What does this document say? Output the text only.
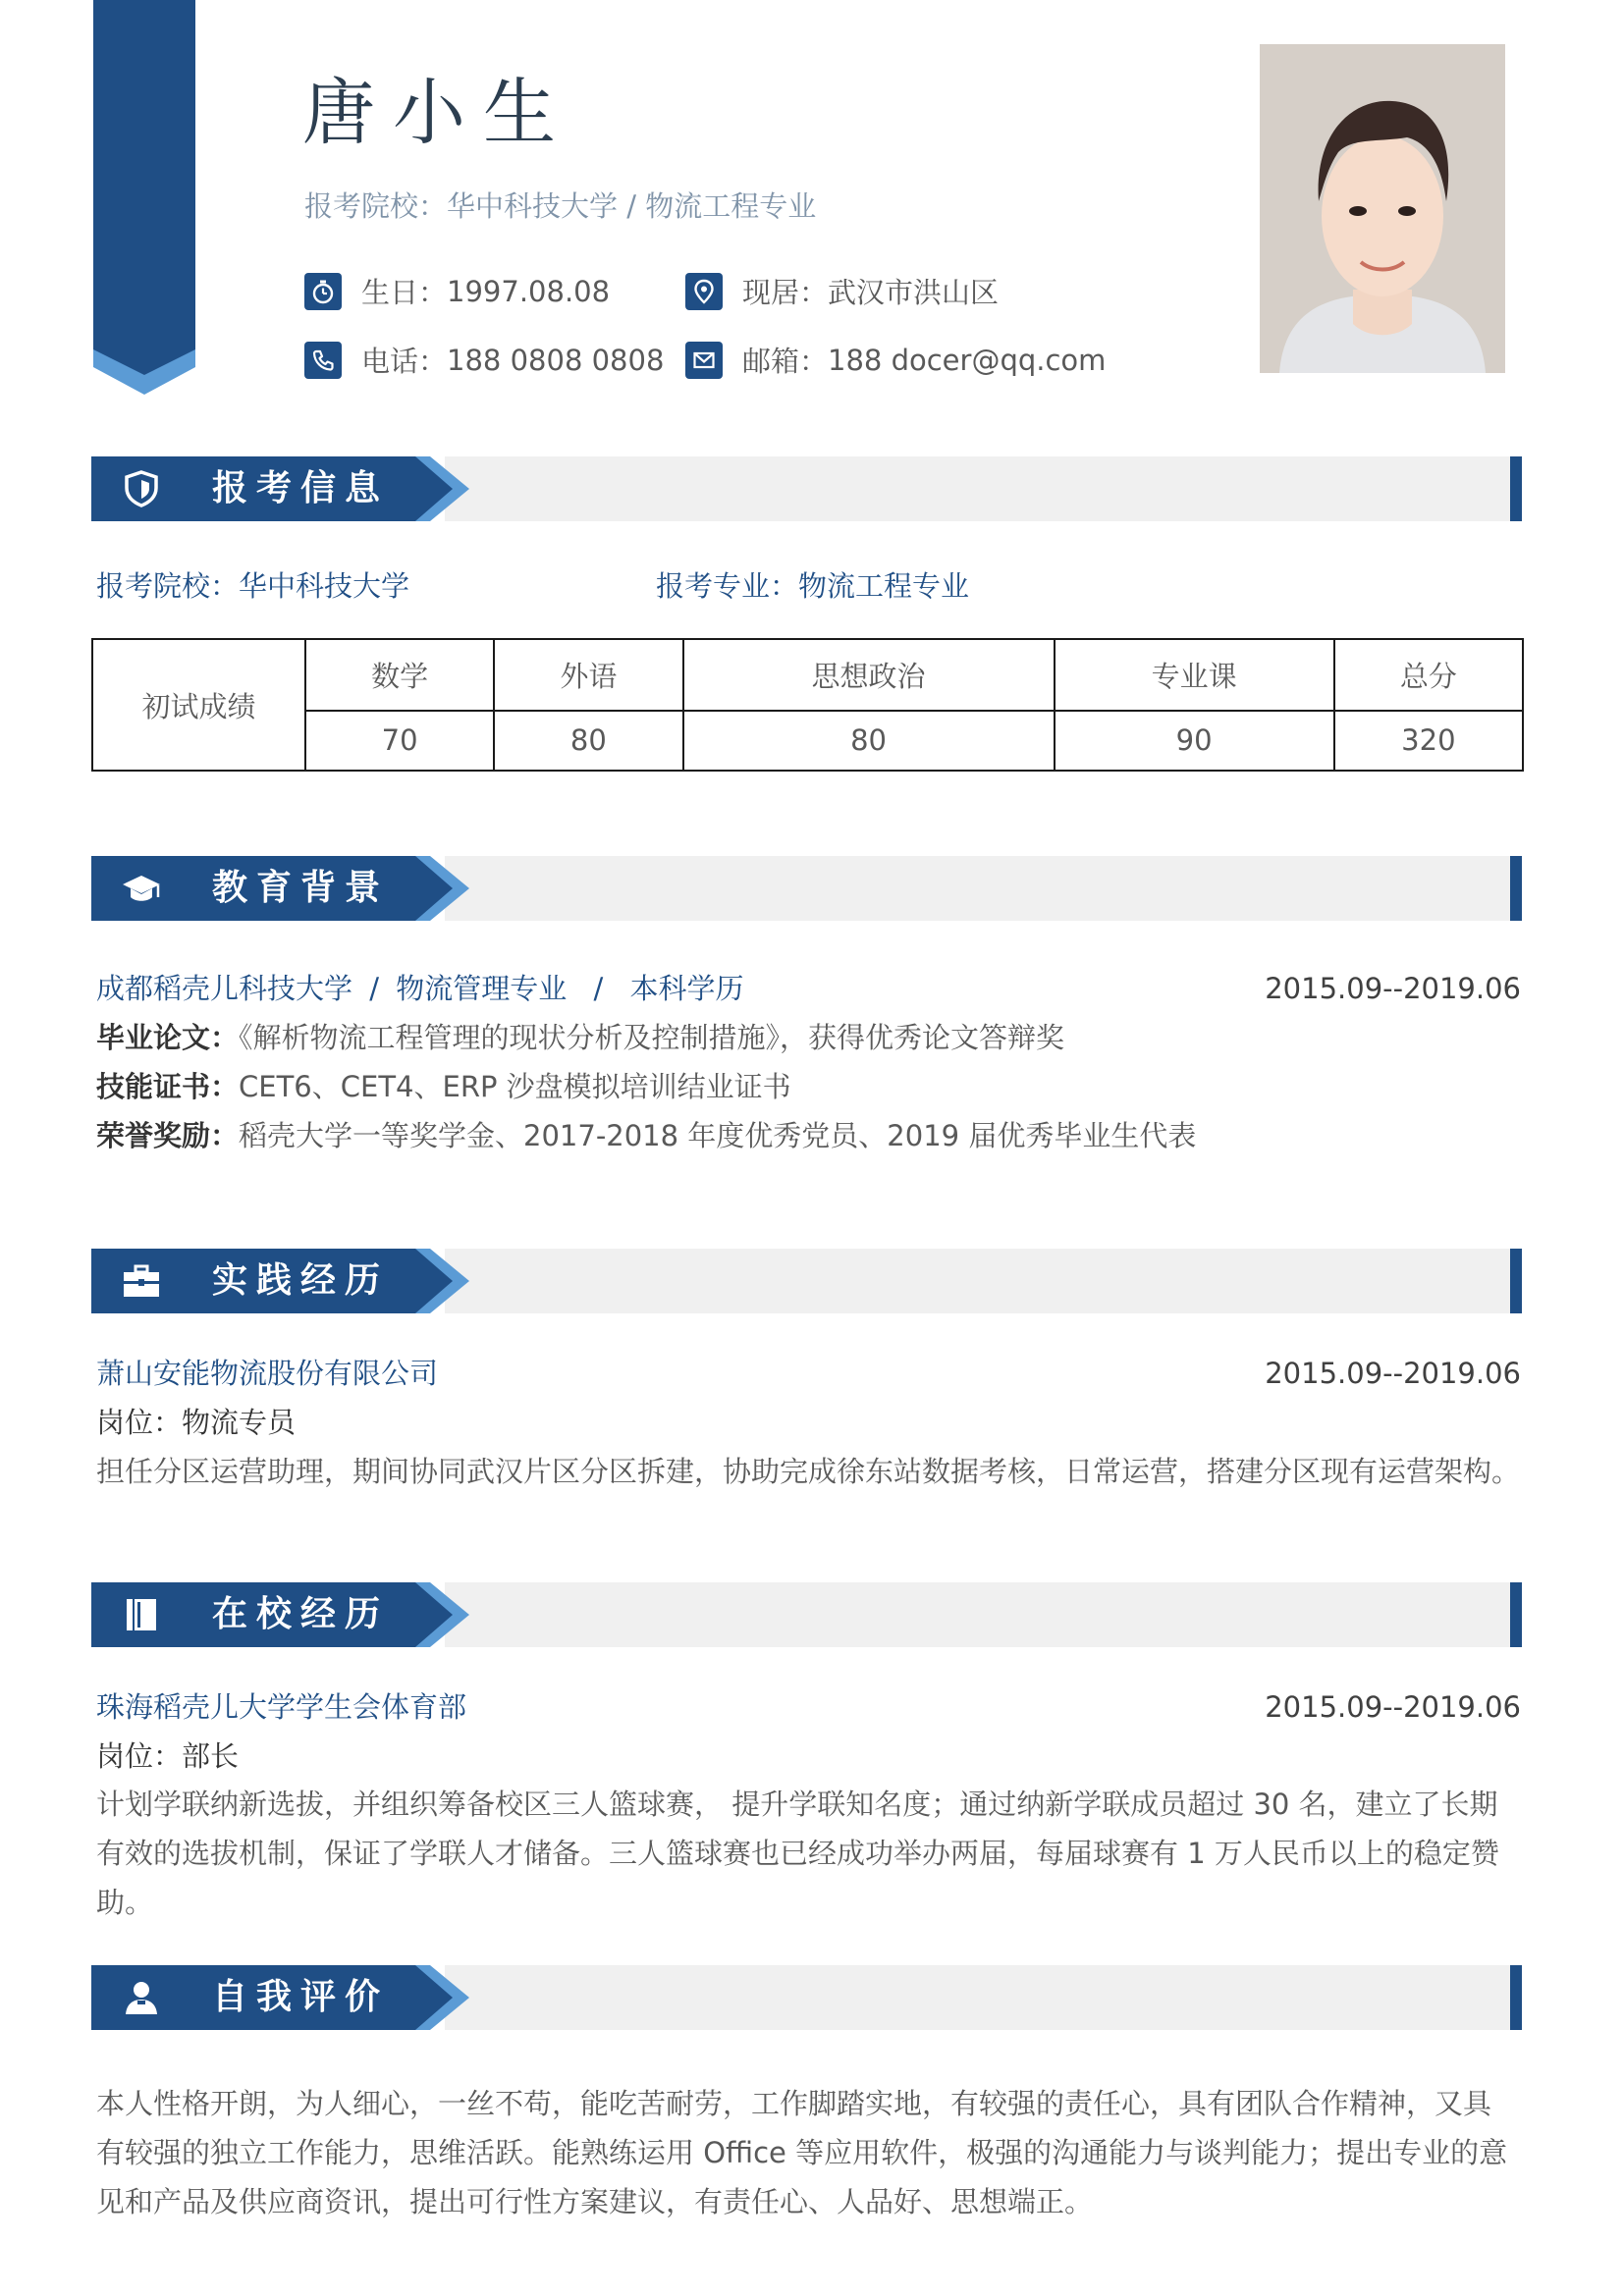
唐小生
报考院校：华中科技大学 / 物流工程专业
生日： 1997.08.08	现居： 武汉市洪山区
电话： 188 0808 0808	邮箱： 188 docer@qq.com
报考信息
报考院校：华中科技大学	报考专业：物流工程专业
初试成绩	数学	外语	思想政治	专业课	总分
	70	80	80	90	320
教育背景
成都稻壳儿科技大学 / 物流管理专业 / 本科学历	2015.09--2019.06
毕业论文：《解析物流工程管理的现状分析及控制措施》，获得优秀论文答辩奖
技能证书：CET6、CET4、ERP 沙盘模拟培训结业证书
荣誉奖励：稻壳大学一等奖学金、2017-2018 年度优秀党员、2019 届优秀毕业生代表
实践经历
萧山安能物流股份有限公司	2015.09--2019.06
岗位：物流专员
担任分区运营助理，期间协同武汉片区分区拆建，协助完成徐东站数据考核，日常运营，搭建分区现有运营架构。
在校经历
珠海稻壳儿大学学生会体育部	2015.09--2019.06
岗位：部长
计划学联纳新选拔，并组织筹备校区三人篮球赛， 提升学联知名度；通过纳新学联成员超过 30 名，建立了长期
有效的选拔机制，保证了学联人才储备。三人篮球赛也已经成功举办两届，每届球赛有 1 万人民币以上的稳定赞助。
自我评价
本人性格开朗，为人细心，一丝不苟，能吃苦耐劳，工作脚踏实地，有较强的责任心，具有团队合作精神，又具
有较强的独立工作能力，思维活跃。能熟练运用 Office 等应用软件，极强的沟通能力与谈判能力；提出专业的意
见和产品及供应商资讯，提出可行性方案建议，有责任心、人品好、思想端正。
